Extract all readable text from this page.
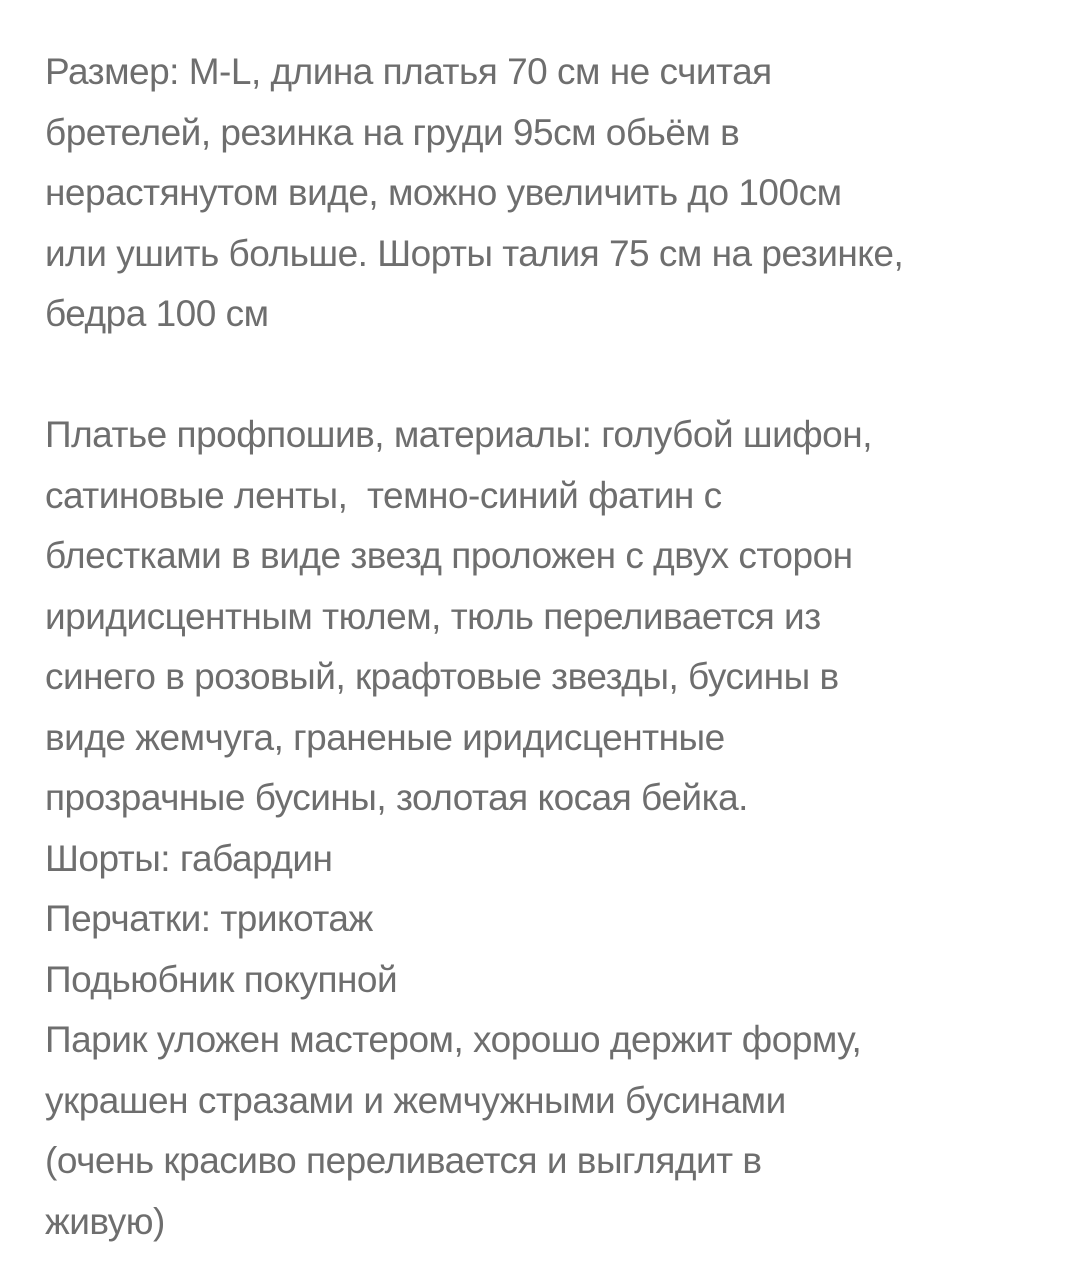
Размер: M-L, длина платья 70 см не считая
бретелей, резинка на груди 95см обьём в
нерастянутом виде, можно увеличить до 100см
или ушить больше. Шорты талия 75 см на резинке,
бедра 100 см
Платье профпошив, материалы: голубой шифон,
сатиновые ленты,  темно-синий фатин с
блестками в виде звезд проложен с двух сторон
иридисцентным тюлем, тюль переливается из
синего в розовый, крафтовые звезды, бусины в
виде жемчуга, граненые иридисцентные
прозрачные бусины, золотая косая бейка.
Шорты: габардин
Перчатки: трикотаж
Подьюбник покупной
Парик уложен мастером, хорошо держит форму,
украшен стразами и жемчужными бусинами
(очень красиво переливается и выглядит в
живую)
